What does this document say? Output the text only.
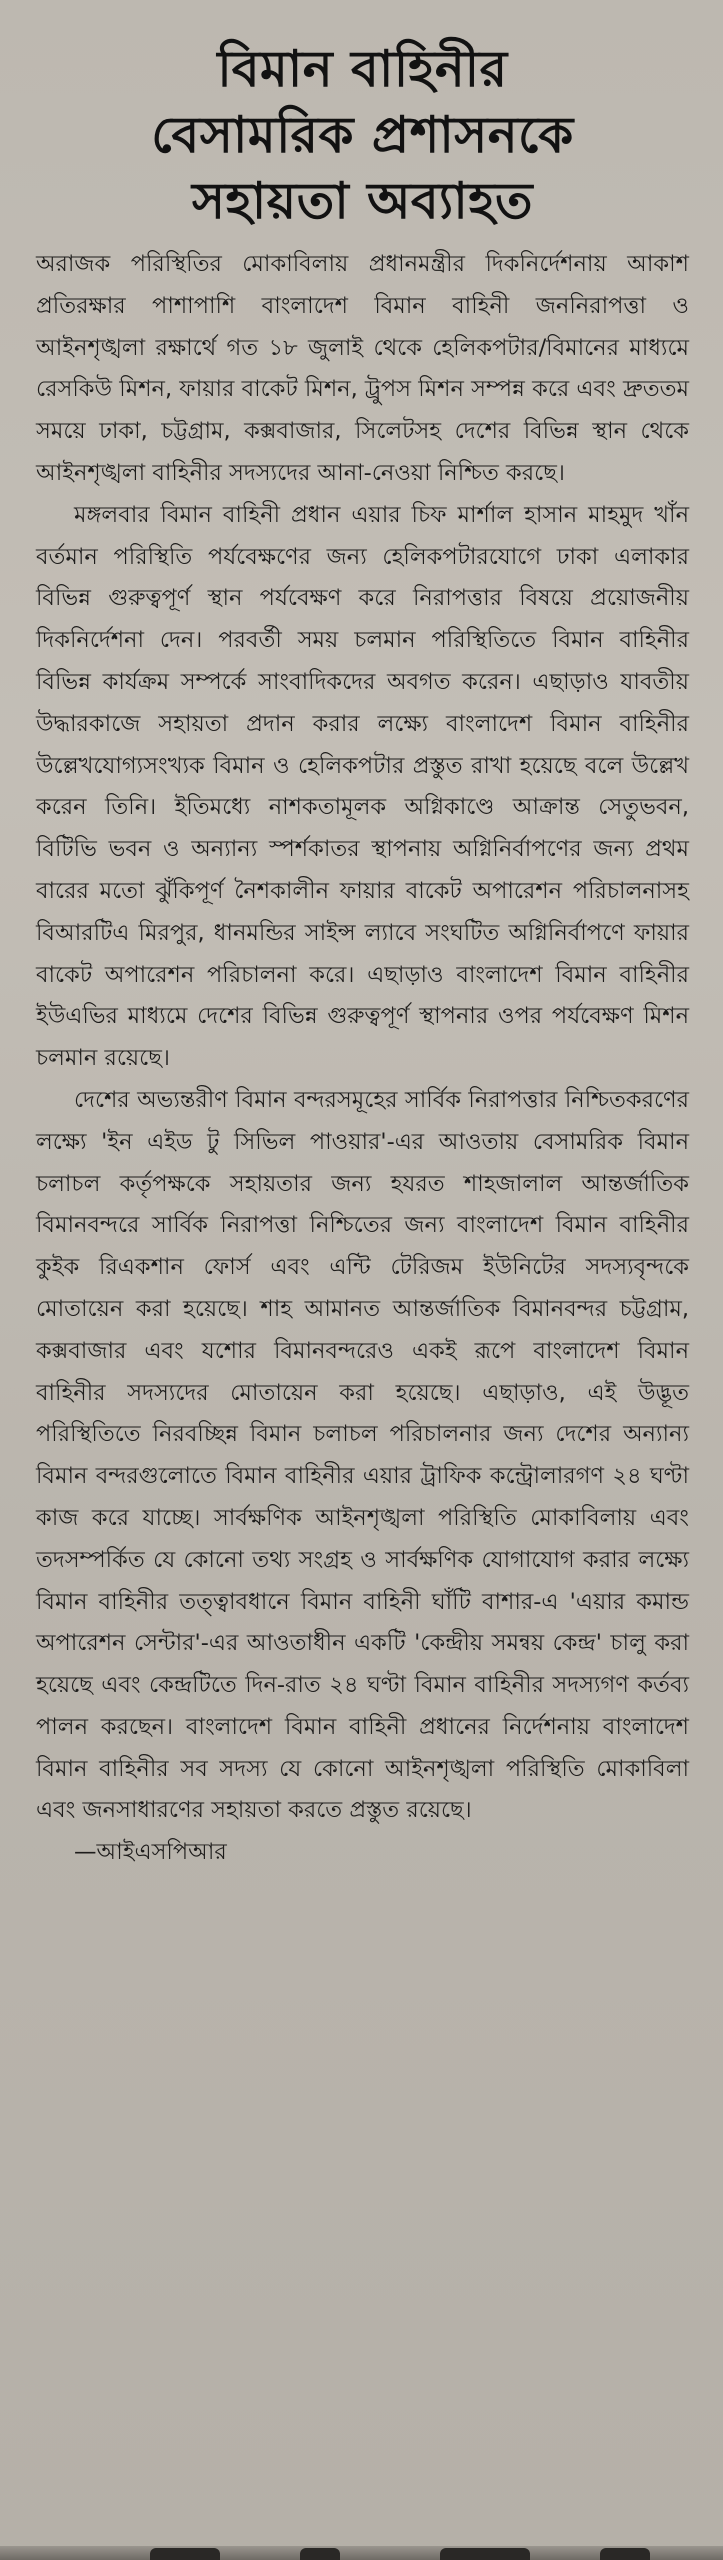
বিমান বাহিনীর
বেসামরিক প্রশাসনকে
সহায়তা অব্যাহত

অরাজক পরিস্থিতির মোকাবিলায় প্রধানমন্ত্রীর দিকনির্দেশনায় আকাশ প্রতিরক্ষার পাশাপাশি বাংলাদেশ বিমান বাহিনী জননিরাপত্তা ও আইনশৃঙ্খলা রক্ষার্থে গত ১৮ জুলাই থেকে হেলিকপটার/বিমানের মাধ্যমে রেসকিউ মিশন, ফায়ার বাকেট মিশন, ট্রুপস মিশন সম্পন্ন করে এবং দ্রুততম সময়ে ঢাকা, চট্টগ্রাম, কক্সবাজার, সিলেটসহ দেশের বিভিন্ন স্থান থেকে আইনশৃঙ্খলা বাহিনীর সদস্যদের আনা-নেওয়া নিশ্চিত করছে।

মঙ্গলবার বিমান বাহিনী প্রধান এয়ার চিফ মার্শাল হাসান মাহমুদ খাঁন বর্তমান পরিস্থিতি পর্যবেক্ষণের জন্য হেলিকপটারযোগে ঢাকা এলাকার বিভিন্ন গুরুত্বপূর্ণ স্থান পর্যবেক্ষণ করে নিরাপত্তার বিষয়ে প্রয়োজনীয় দিকনির্দেশনা দেন। পরবর্তী সময় চলমান পরিস্থিতিতে বিমান বাহিনীর বিভিন্ন কার্যক্রম সম্পর্কে সাংবাদিকদের অবগত করেন। এছাড়াও যাবতীয় উদ্ধারকাজে সহায়তা প্রদান করার লক্ষ্যে বাংলাদেশ বিমান বাহিনীর উল্লেখযোগ্যসংখ্যক বিমান ও হেলিকপটার প্রস্তুত রাখা হয়েছে বলে উল্লেখ করেন তিনি। ইতিমধ্যে নাশকতামূলক অগ্নিকাণ্ডে আক্রান্ত সেতুভবন, বিটিভি ভবন ও অন্যান্য স্পর্শকাতর স্থাপনায় অগ্নিনির্বাপণের জন্য প্রথম বারের মতো ঝুঁকিপূর্ণ নৈশকালীন ফায়ার বাকেট অপারেশন পরিচালনাসহ বিআরটিএ মিরপুর, ধানমন্ডির সাইন্স ল্যাবে সংঘটিত অগ্নিনির্বাপণে ফায়ার বাকেট অপারেশন পরিচালনা করে। এছাড়াও বাংলাদেশ বিমান বাহিনীর ইউএভির মাধ্যমে দেশের বিভিন্ন গুরুত্বপূর্ণ স্থাপনার ওপর পর্যবেক্ষণ মিশন চলমান রয়েছে।

দেশের অভ্যন্তরীণ বিমান বন্দরসমূহের সার্বিক নিরাপত্তার নিশ্চিতকরণের লক্ষ্যে 'ইন এইড টু সিভিল পাওয়ার'-এর আওতায় বেসামরিক বিমান চলাচল কর্তৃপক্ষকে সহায়তার জন্য হযরত শাহজালাল আন্তর্জাতিক বিমানবন্দরে সার্বিক নিরাপত্তা নিশ্চিতের জন্য বাংলাদেশ বিমান বাহিনীর কুইক রিএকশান ফোর্স এবং এন্টি টেরিজম ইউনিটের সদস্যবৃন্দকে মোতায়েন করা হয়েছে। শাহ আমানত আন্তর্জাতিক বিমানবন্দর চট্টগ্রাম, কক্সবাজার এবং যশোর বিমানবন্দরেও একই রূপে বাংলাদেশ বিমান বাহিনীর সদস্যদের মোতায়েন করা হয়েছে। এছাড়াও, এই উদ্ভূত পরিস্থিতিতে নিরবচ্ছিন্ন বিমান চলাচল পরিচালনার জন্য দেশের অন্যান্য বিমান বন্দরগুলোতে বিমান বাহিনীর এয়ার ট্রাফিক কন্ট্রোলারগণ ২৪ ঘণ্টা কাজ করে যাচ্ছে। সার্বক্ষণিক আইনশৃঙ্খলা পরিস্থিতি মোকাবিলায় এবং তদসম্পর্কিত যে কোনো তথ্য সংগ্রহ ও সার্বক্ষণিক যোগাযোগ করার লক্ষ্যে বিমান বাহিনীর তত্ত্বাবধানে বিমান বাহিনী ঘাঁটি বাশার-এ 'এয়ার কমান্ড অপারেশন সেন্টার'-এর আওতাধীন একটি 'কেন্দ্রীয় সমন্বয় কেন্দ্র' চালু করা হয়েছে এবং কেন্দ্রটিতে দিন-রাত ২৪ ঘণ্টা বিমান বাহিনীর সদস্যগণ কর্তব্য পালন করছেন। বাংলাদেশ বিমান বাহিনী প্রধানের নির্দেশনায় বাংলাদেশ বিমান বাহিনীর সব সদস্য যে কোনো আইনশৃঙ্খলা পরিস্থিতি মোকাবিলা এবং জনসাধারণের সহায়তা করতে প্রস্তুত রয়েছে।

—আইএসপিআর
